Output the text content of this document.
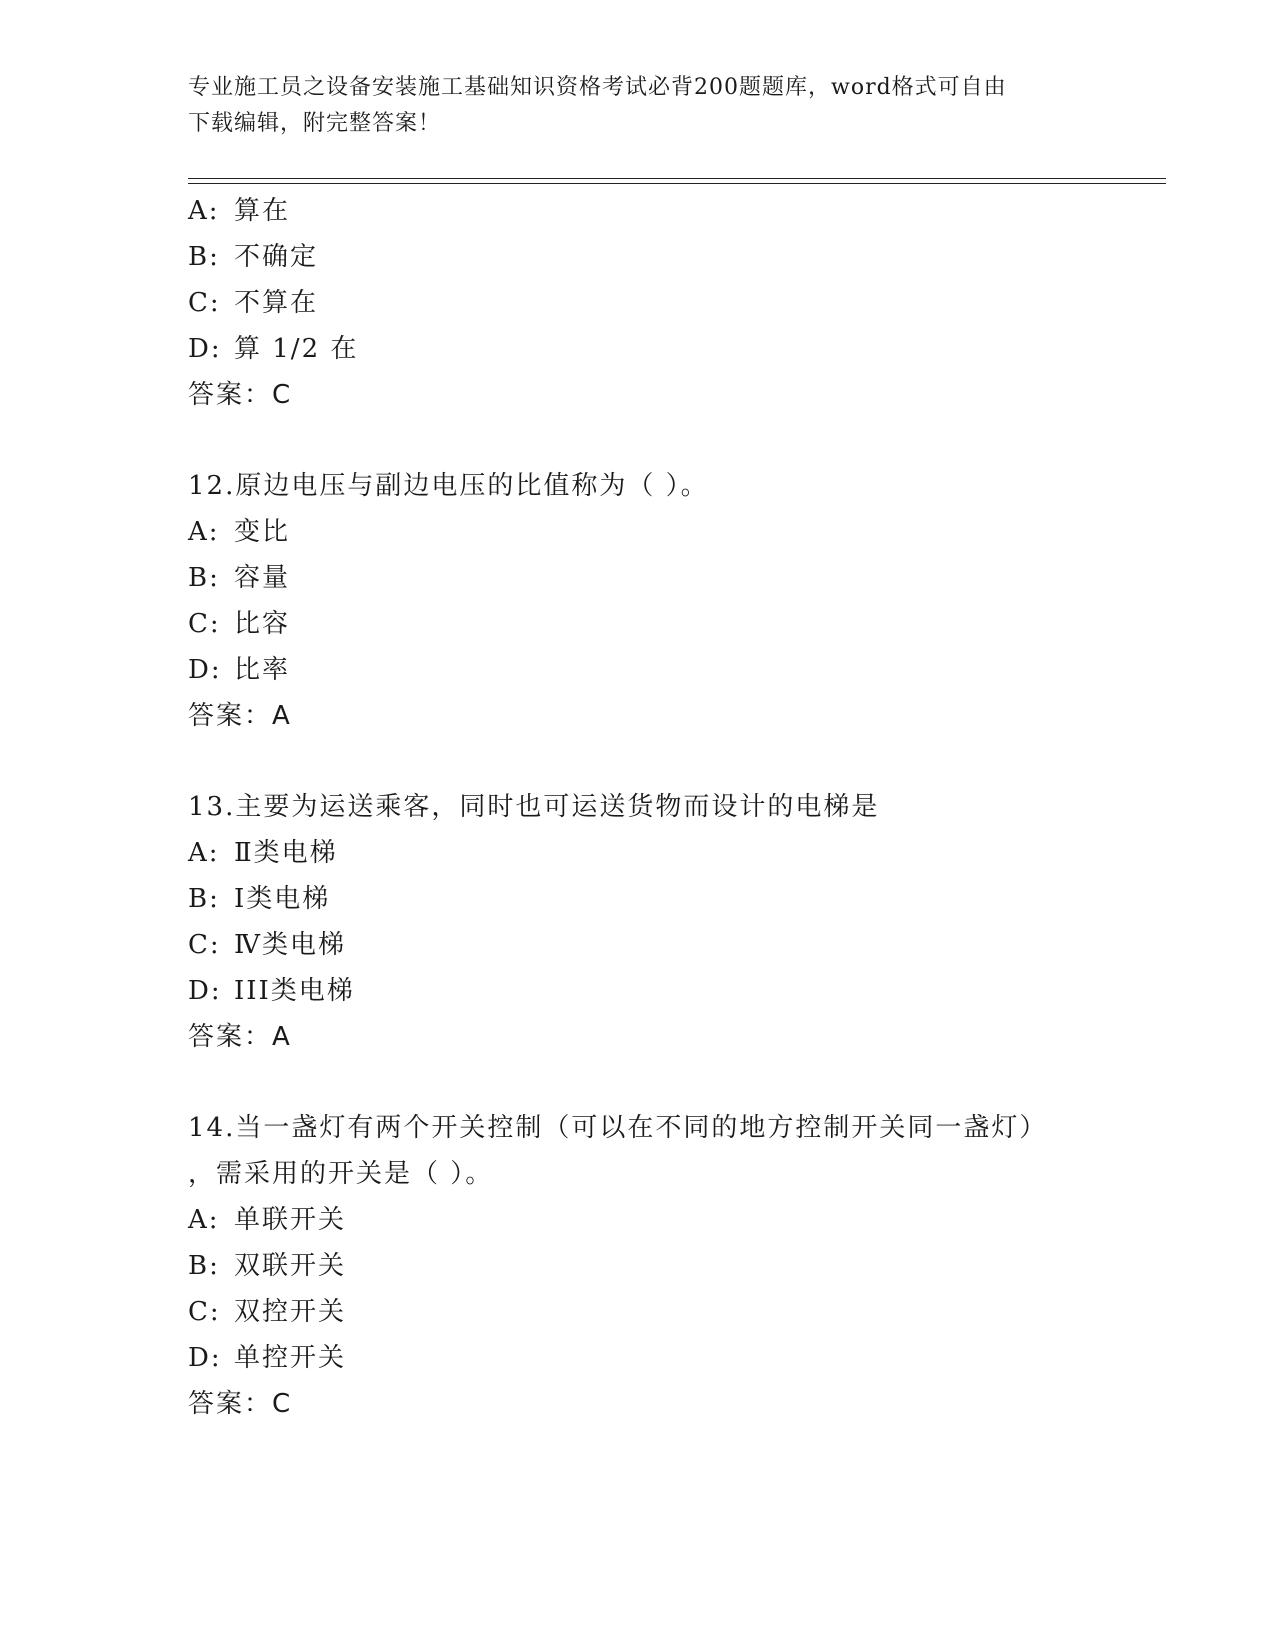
专业施工员之设备安装施工基础知识资格考试必背200题题库，word格式可自由
下载编辑，附完整答案！
A: 算在
B: 不确定
C: 不算在
D: 算 1/2 在
答案：C
12.原边电压与副边电压的比值称为（ ）。
A: 变比
B: 容量
C: 比容
D: 比率
答案：A
13.主要为运送乘客，同时也可运送货物而设计的电梯是
A: Ⅱ类电梯
B: Ⅰ类电梯
C: Ⅳ类电梯
D: III类电梯
答案：A
14.当一盏灯有两个开关控制（可以在不同的地方控制开关同一盏灯）
，需采用的开关是（ ）。
A: 单联开关
B: 双联开关
C: 双控开关
D: 单控开关
答案：C
